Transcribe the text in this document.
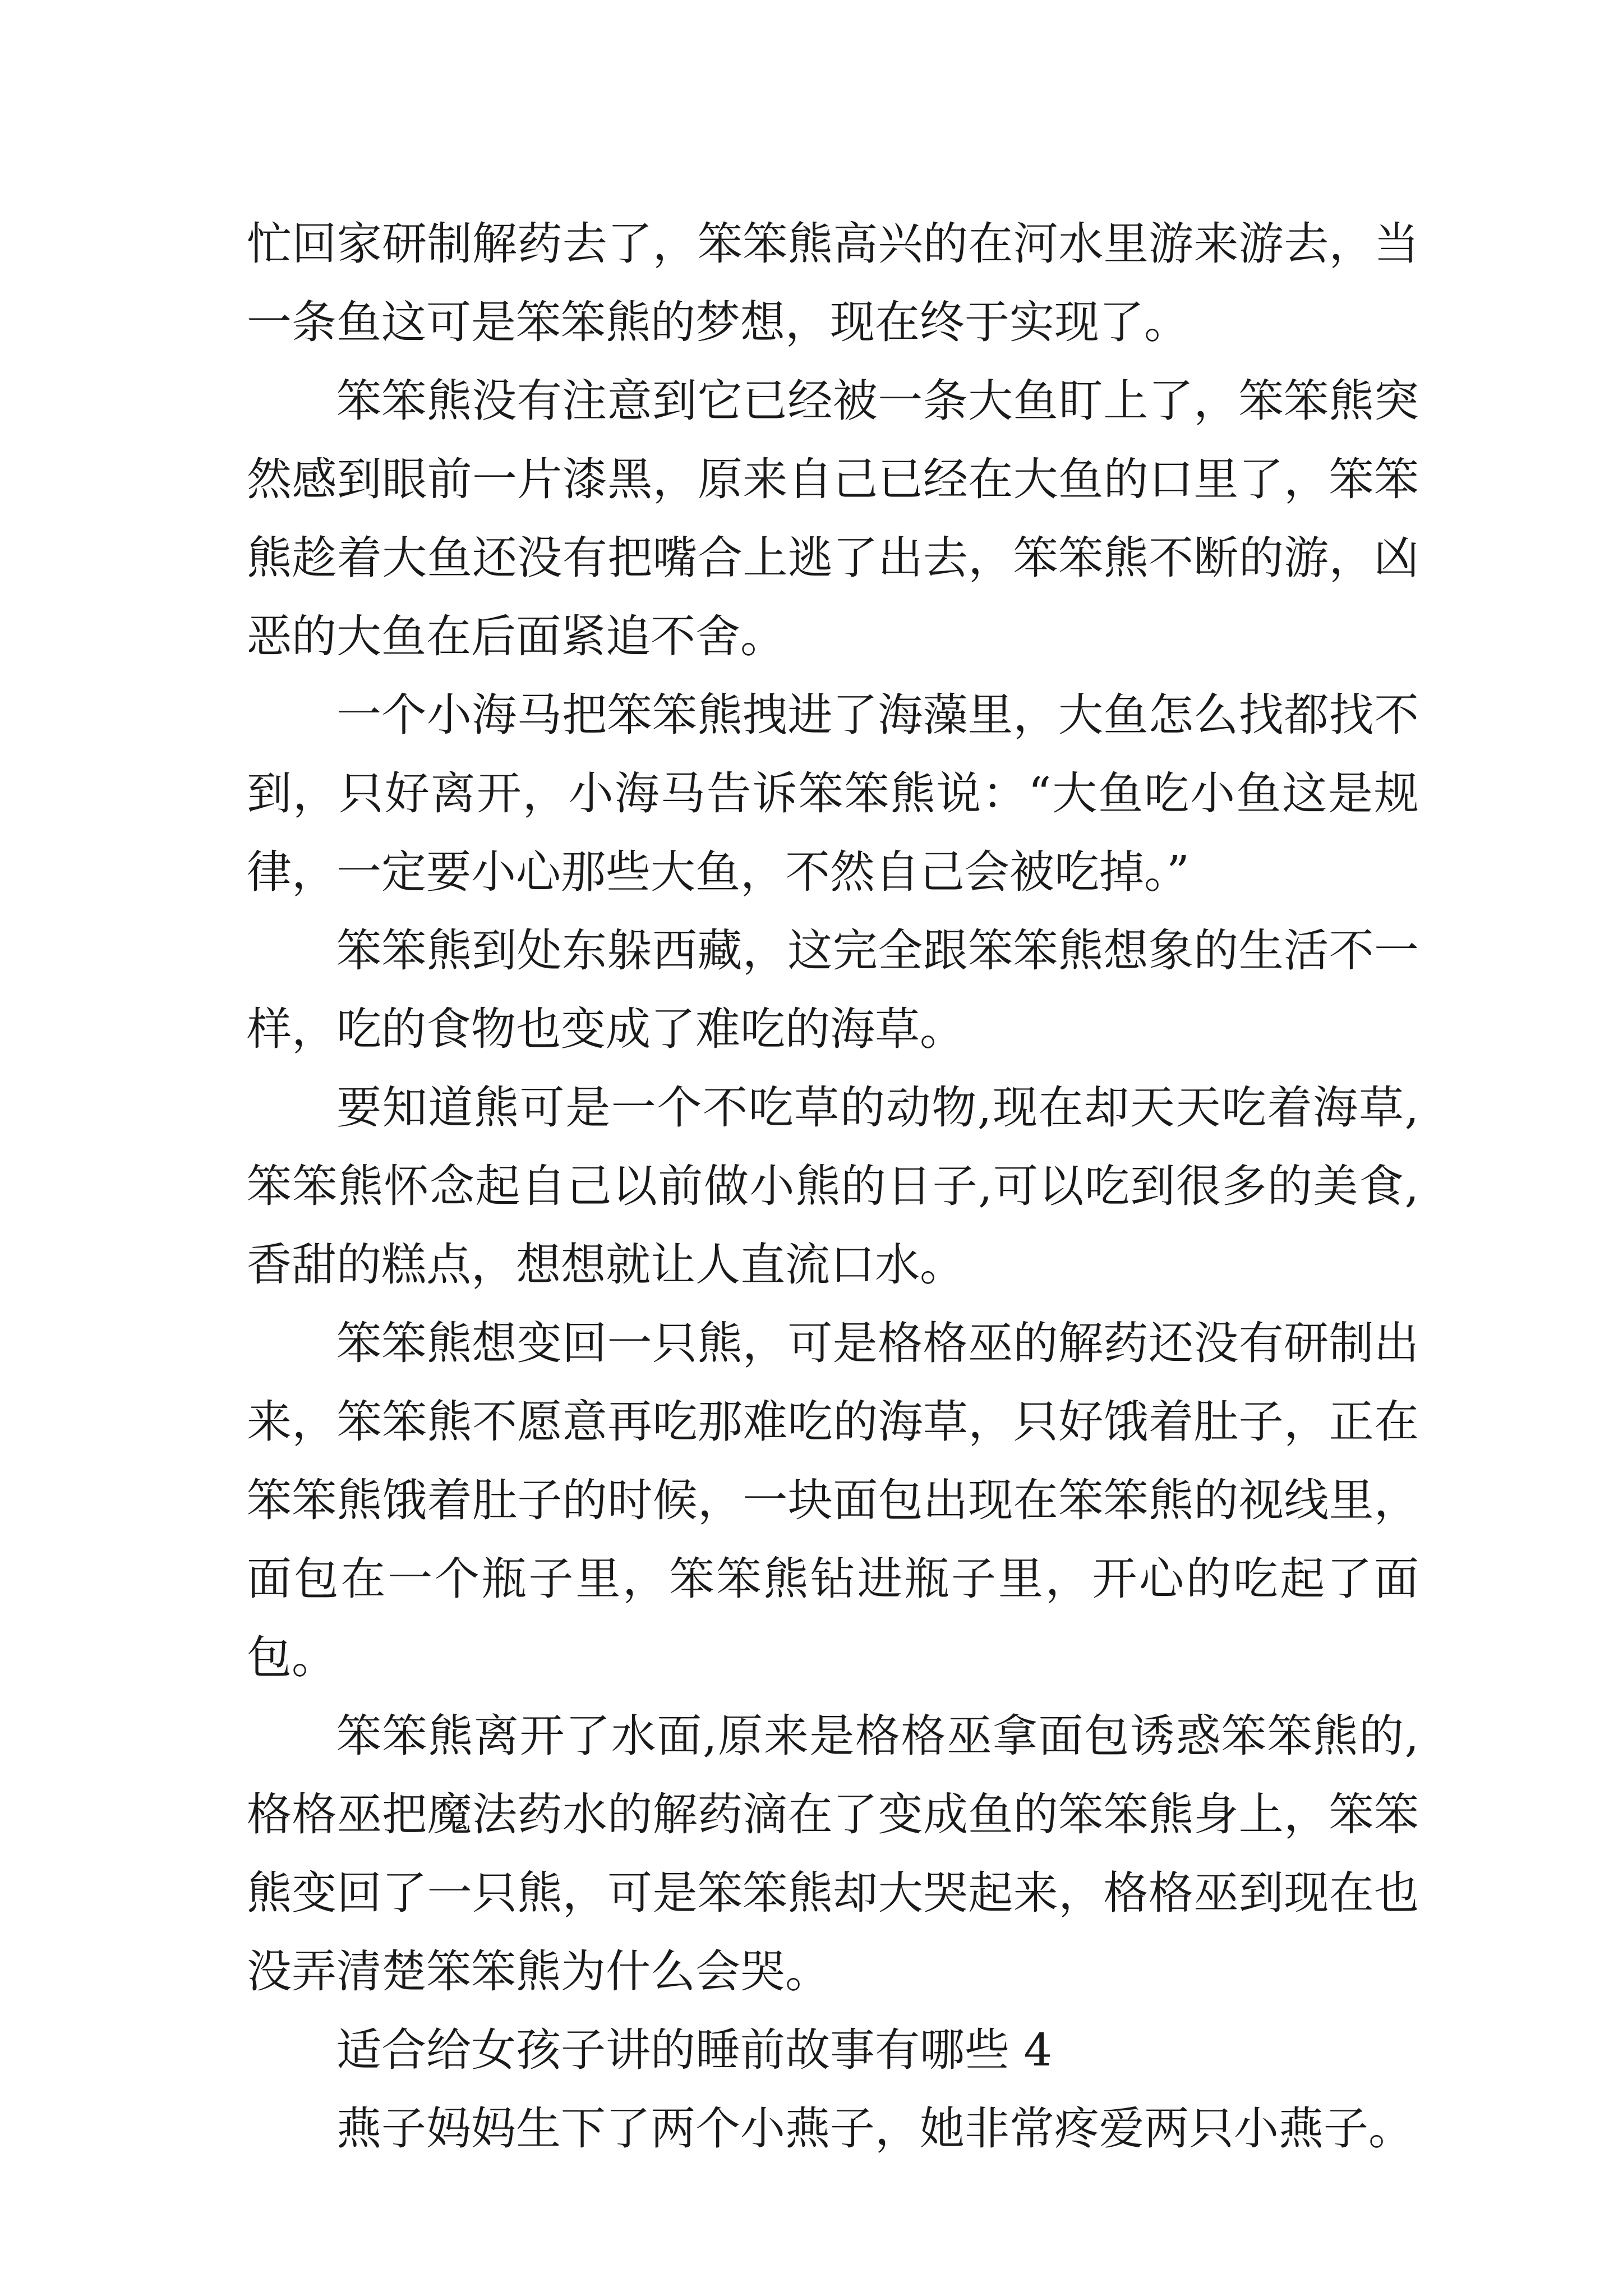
忙回家研制解药去了，笨笨熊高兴的在河水里游来游去，当一条鱼这可是笨笨熊的梦想，现在终于实现了。

笨笨熊没有注意到它已经被一条大鱼盯上了，笨笨熊突然感到眼前一片漆黑，原来自己已经在大鱼的口里了，笨笨熊趁着大鱼还没有把嘴合上逃了出去，笨笨熊不断的游，凶恶的大鱼在后面紧追不舍。

一个小海马把笨笨熊拽进了海藻里，大鱼怎么找都找不到，只好离开，小海马告诉笨笨熊说：“大鱼吃小鱼这是规律，一定要小心那些大鱼，不然自己会被吃掉。”

笨笨熊到处东躲西藏，这完全跟笨笨熊想象的生活不一样，吃的食物也变成了难吃的海草。

要知道熊可是一个不吃草的动物,现在却天天吃着海草,笨笨熊怀念起自己以前做小熊的日子,可以吃到很多的美食,香甜的糕点，想想就让人直流口水。

笨笨熊想变回一只熊，可是格格巫的解药还没有研制出来，笨笨熊不愿意再吃那难吃的海草，只好饿着肚子，正在笨笨熊饿着肚子的时候，一块面包出现在笨笨熊的视线里，面包在一个瓶子里，笨笨熊钻进瓶子里，开心的吃起了面包。

笨笨熊离开了水面,原来是格格巫拿面包诱惑笨笨熊的,格格巫把魔法药水的解药滴在了变成鱼的笨笨熊身上，笨笨熊变回了一只熊，可是笨笨熊却大哭起来，格格巫到现在也没弄清楚笨笨熊为什么会哭。

适合给女孩子讲的睡前故事有哪些 4

燕子妈妈生下了两个小燕子，她非常疼爱两只小燕子。
